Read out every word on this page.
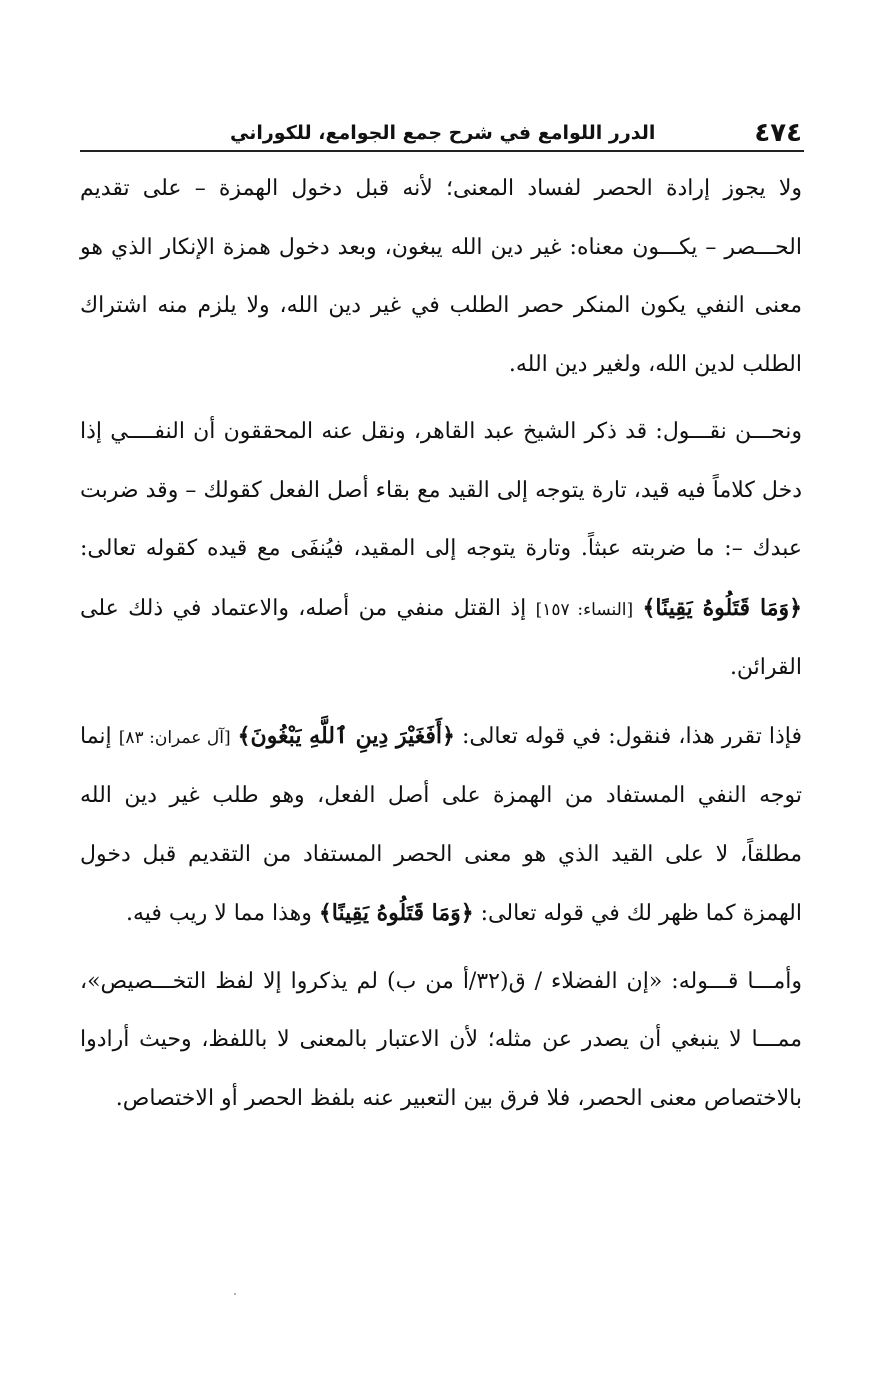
٤٧٤
الدرر اللوامع في شرح جمع الجوامع، للكوراني

ولا يجوز إرادة الحصر لفساد المعنى؛ لأنه قبل دخول الهمزة – على تقديم الحـــصر – يكـــون معناه: غير دين الله يبغون، وبعد دخول همزة الإنكار الذي هو معنى النفي يكون المنكر حصر الطلب في غير دين الله، ولا يلزم منه اشتراك الطلب لدين الله، ولغير دين الله.

ونحـــن نقـــول: قد ذكر الشيخ عبد القاهر، ونقل عنه المحققون أن النفــــي إذا دخل كلاماً فيه قيد، تارة يتوجه إلى القيد مع بقاء أصل الفعل كقولك – وقد ضربت عبدك –: ما ضربته عبثاً. وتارة يتوجه إلى المقيد، فيُنفَى مع قيده كقوله تعالى: ﴿وَمَا قَتَلُوهُ يَقِينًا﴾ [النساء: ١٥٧] إذ القتل منفي من أصله، والاعتماد في ذلك على القرائن.

فإذا تقرر هذا، فنقول: في قوله تعالى: ﴿أَفَغَيْرَ دِينِ ٱللَّهِ يَبْغُونَ﴾ [آل عمران: ٨٣] إنما توجه النفي المستفاد من الهمزة على أصل الفعل، وهو طلب غير دين الله مطلقاً، لا على القيد الذي هو معنى الحصر المستفاد من التقديم قبل دخول الهمزة كما ظهر لك في قوله تعالى: ﴿وَمَا قَتَلُوهُ يَقِينًا﴾ وهذا مما لا ريب فيه.

وأمـــا قـــوله: «إن الفضلاء / ق(٣٢/أ من ب) لم يذكروا إلا لفظ التخـــصيص»، ممـــا لا ينبغي أن يصدر عن مثله؛ لأن الاعتبار بالمعنى لا باللفظ، وحيث أرادوا بالاختصاص معنى الحصر، فلا فرق بين التعبير عنه بلفظ الحصر أو الاختصاص.
